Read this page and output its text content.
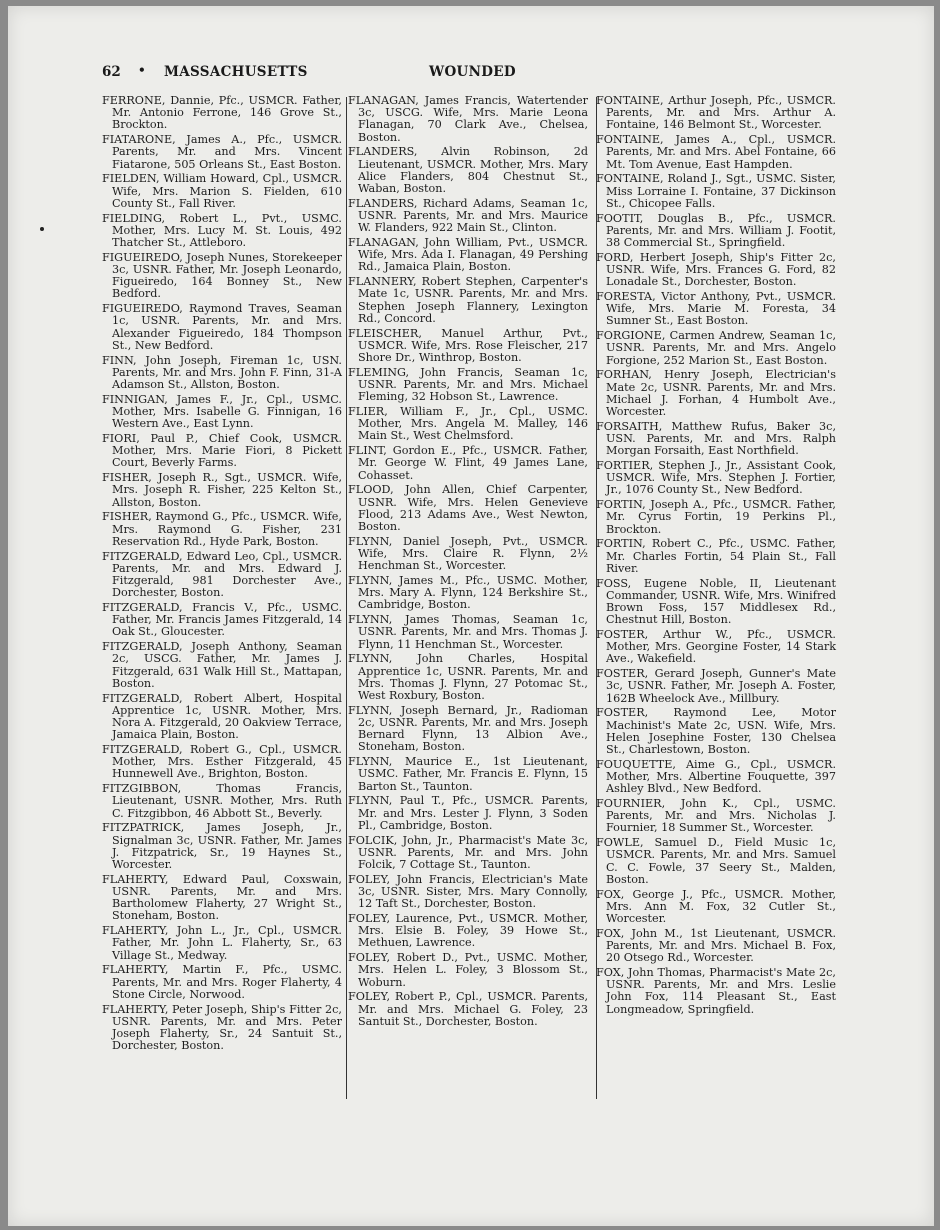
62 • MASSACHUSETTS	WOUNDED

FERRONE, Dannie, Pfc., USMCR. Father, Mr. Antonio Ferrone, 146 Grove St., Brockton.

FIATARONE, James A., Pfc., USMCR. Parents, Mr. and Mrs. Vincent Fiatarone, 505 Orleans St., East Boston.

FIELDEN, William Howard, Cpl., USMCR. Wife, Mrs. Marion S. Fielden, 610 County St., Fall River.

FIELDING, Robert L., Pvt., USMC. Mother, Mrs. Lucy M. St. Louis, 492 Thatcher St., Attleboro.

FIGUEIREDO, Joseph Nunes, Storekeeper 3c, USNR. Father, Mr. Joseph Leonardo, Figueiredo, 164 Bonney St., New Bedford.

FIGUEIREDO, Raymond Traves, Seaman 1c, USNR. Parents, Mr. and Mrs. Alexander Figueiredo, 184 Thompson St., New Bedford.

FINN, John Joseph, Fireman 1c, USN. Parents, Mr. and Mrs. John F. Finn, 31-A Adamson St., Allston, Boston.

FINNIGAN, James F., Jr., Cpl., USMC. Mother, Mrs. Isabelle G. Finnigan, 16 Western Ave., East Lynn.

FIORI, Paul P., Chief Cook, USMCR. Mother, Mrs. Marie Fiori, 8 Pickett Court, Beverly Farms.

FISHER, Joseph R., Sgt., USMCR. Wife, Mrs. Joseph R. Fisher, 225 Kelton St., Allston, Boston.

FISHER, Raymond G., Pfc., USMCR. Wife, Mrs. Raymond G. Fisher, 231 Reservation Rd., Hyde Park, Boston.

FITZGERALD, Edward Leo, Cpl., USMCR. Parents, Mr. and Mrs. Edward J. Fitzgerald, 981 Dorchester Ave., Dorchester, Boston.

FITZGERALD, Francis V., Pfc., USMC. Father, Mr. Francis James Fitzgerald, 14 Oak St., Gloucester.

FITZGERALD, Joseph Anthony, Seaman 2c, USCG. Father, Mr. James J. Fitzgerald, 631 Walk Hill St., Mattapan, Boston.

FITZGERALD, Robert Albert, Hospital Apprentice 1c, USNR. Mother, Mrs. Nora A. Fitzgerald, 20 Oakview Terrace, Jamaica Plain, Boston.

FITZGERALD, Robert G., Cpl., USMCR. Mother, Mrs. Esther Fitzgerald, 45 Hunnewell Ave., Brighton, Boston.

FITZGIBBON, Thomas Francis, Lieutenant, USNR. Mother, Mrs. Ruth C. Fitzgibbon, 46 Abbott St., Beverly.

FITZPATRICK, James Joseph, Jr., Signalman 3c, USNR. Father, Mr. James J. Fitzpatrick, Sr., 19 Haynes St., Worcester.

FLAHERTY, Edward Paul, Coxswain, USNR. Parents, Mr. and Mrs. Bartholomew Flaherty, 27 Wright St., Stoneham, Boston.

FLAHERTY, John L., Jr., Cpl., USMCR. Father, Mr. John L. Flaherty, Sr., 63 Village St., Medway.

FLAHERTY, Martin F., Pfc., USMC. Parents, Mr. and Mrs. Roger Flaherty, 4 Stone Circle, Norwood.

FLAHERTY, Peter Joseph, Ship's Fitter 2c, USNR. Parents, Mr. and Mrs. Peter Joseph Flaherty, Sr., 24 Santuit St., Dorchester, Boston.

FLANAGAN, James Francis, Watertender 3c, USCG. Wife, Mrs. Marie Leona Flanagan, 70 Clark Ave., Chelsea, Boston.

FLANDERS, Alvin Robinson, 2d Lieutenant, USMCR. Mother, Mrs. Mary Alice Flanders, 804 Chestnut St., Waban, Boston.

FLANDERS, Richard Adams, Seaman 1c, USNR. Parents, Mr. and Mrs. Maurice W. Flanders, 922 Main St., Clinton.

FLANAGAN, John William, Pvt., USMCR. Wife, Mrs. Ada I. Flanagan, 49 Pershing Rd., Jamaica Plain, Boston.

FLANNERY, Robert Stephen, Carpenter's Mate 1c, USNR. Parents, Mr. and Mrs. Stephen Joseph Flannery, Lexington Rd., Concord.

FLEISCHER, Manuel Arthur, Pvt., USMCR. Wife, Mrs. Rose Fleischer, 217 Shore Dr., Winthrop, Boston.

FLEMING, John Francis, Seaman 1c, USNR. Parents, Mr. and Mrs. Michael Fleming, 32 Hobson St., Lawrence.

FLIER, William F., Jr., Cpl., USMC. Mother, Mrs. Angela M. Malley, 146 Main St., West Chelmsford.

FLINT, Gordon E., Pfc., USMCR. Father, Mr. George W. Flint, 49 James Lane, Cohasset.

FLOOD, John Allen, Chief Carpenter, USNR. Wife, Mrs. Helen Genevieve Flood, 213 Adams Ave., West Newton, Boston.

FLYNN, Daniel Joseph, Pvt., USMCR. Wife, Mrs. Claire R. Flynn, 2½ Henchman St., Worcester.

FLYNN, James M., Pfc., USMC. Mother, Mrs. Mary A. Flynn, 124 Berkshire St., Cambridge, Boston.

FLYNN, James Thomas, Seaman 1c, USNR. Parents, Mr. and Mrs. Thomas J. Flynn, 11 Henchman St., Worcester.

FLYNN, John Charles, Hospital Apprentice 1c, USNR. Parents, Mr. and Mrs. Thomas J. Flynn, 27 Potomac St., West Roxbury, Boston.

FLYNN, Joseph Bernard, Jr., Radioman 2c, USNR. Parents, Mr. and Mrs. Joseph Bernard Flynn, 13 Albion Ave., Stoneham, Boston.

FLYNN, Maurice E., 1st Lieutenant, USMC. Father, Mr. Francis E. Flynn, 15 Barton St., Taunton.

FLYNN, Paul T., Pfc., USMCR. Parents, Mr. and Mrs. Lester J. Flynn, 3 Soden Pl., Cambridge, Boston.

FOLCIK, John, Jr., Pharmacist's Mate 3c, USNR. Parents, Mr. and Mrs. John Folcik, 7 Cottage St., Taunton.

FOLEY, John Francis, Electrician's Mate 3c, USNR. Sister, Mrs. Mary Connolly, 12 Taft St., Dorchester, Boston.

FOLEY, Laurence, Pvt., USMCR. Mother, Mrs. Elsie B. Foley, 39 Howe St., Methuen, Lawrence.

FOLEY, Robert D., Pvt., USMC. Mother, Mrs. Helen L. Foley, 3 Blossom St., Woburn.

FOLEY, Robert P., Cpl., USMCR. Parents, Mr. and Mrs. Michael G. Foley, 23 Santuit St., Dorchester, Boston.

FONTAINE, Arthur Joseph, Pfc., USMCR. Parents, Mr. and Mrs. Arthur A. Fontaine, 146 Belmont St., Worcester.

FONTAINE, James A., Cpl., USMCR. Parents, Mr. and Mrs. Abel Fontaine, 66 Mt. Tom Avenue, East Hampden.

FONTAINE, Roland J., Sgt., USMC. Sister, Miss Lorraine I. Fontaine, 37 Dickinson St., Chicopee Falls.

FOOTIT, Douglas B., Pfc., USMCR. Parents, Mr. and Mrs. William J. Footit, 38 Commercial St., Springfield.

FORD, Herbert Joseph, Ship's Fitter 2c, USNR. Wife, Mrs. Frances G. Ford, 82 Lonadale St., Dorchester, Boston.

FORESTA, Victor Anthony, Pvt., USMCR. Wife, Mrs. Marie M. Foresta, 34 Sumner St., East Boston.

FORGIONE, Carmen Andrew, Seaman 1c, USNR. Parents, Mr. and Mrs. Angelo Forgione, 252 Marion St., East Boston.

FORHAN, Henry Joseph, Electrician's Mate 2c, USNR. Parents, Mr. and Mrs. Michael J. Forhan, 4 Humbolt Ave., Worcester.

FORSAITH, Matthew Rufus, Baker 3c, USN. Parents, Mr. and Mrs. Ralph Morgan Forsaith, East Northfield.

FORTIER, Stephen J., Jr., Assistant Cook, USMCR. Wife, Mrs. Stephen J. Fortier, Jr., 1076 County St., New Bedford.

FORTIN, Joseph A., Pfc., USMCR. Father, Mr. Cyrus Fortin, 19 Perkins Pl., Brockton.

FORTIN, Robert C., Pfc., USMC. Father, Mr. Charles Fortin, 54 Plain St., Fall River.

FOSS, Eugene Noble, II, Lieutenant Commander, USNR. Wife, Mrs. Winifred Brown Foss, 157 Middlesex Rd., Chestnut Hill, Boston.

FOSTER, Arthur W., Pfc., USMCR. Mother, Mrs. Georgine Foster, 14 Stark Ave., Wakefield.

FOSTER, Gerard Joseph, Gunner's Mate 3c, USNR. Father, Mr. Joseph A. Foster, 162B Wheelock Ave., Millbury.

FOSTER, Raymond Lee, Motor Machinist's Mate 2c, USN. Wife, Mrs. Helen Josephine Foster, 130 Chelsea St., Charlestown, Boston.

FOUQUETTE, Aime G., Cpl., USMCR. Mother, Mrs. Albertine Fouquette, 397 Ashley Blvd., New Bedford.

FOURNIER, John K., Cpl., USMC. Parents, Mr. and Mrs. Nicholas J. Fournier, 18 Summer St., Worcester.

FOWLE, Samuel D., Field Music 1c, USMCR. Parents, Mr. and Mrs. Samuel C. C. Fowle, 37 Seery St., Malden, Boston.

FOX, George J., Pfc., USMCR. Mother, Mrs. Ann M. Fox, 32 Cutler St., Worcester.

FOX, John M., 1st Lieutenant, USMCR. Parents, Mr. and Mrs. Michael B. Fox, 20 Otsego Rd., Worcester.

FOX, John Thomas, Pharmacist's Mate 2c, USNR. Parents, Mr. and Mrs. Leslie John Fox, 114 Pleasant St., East Longmeadow, Springfield.
